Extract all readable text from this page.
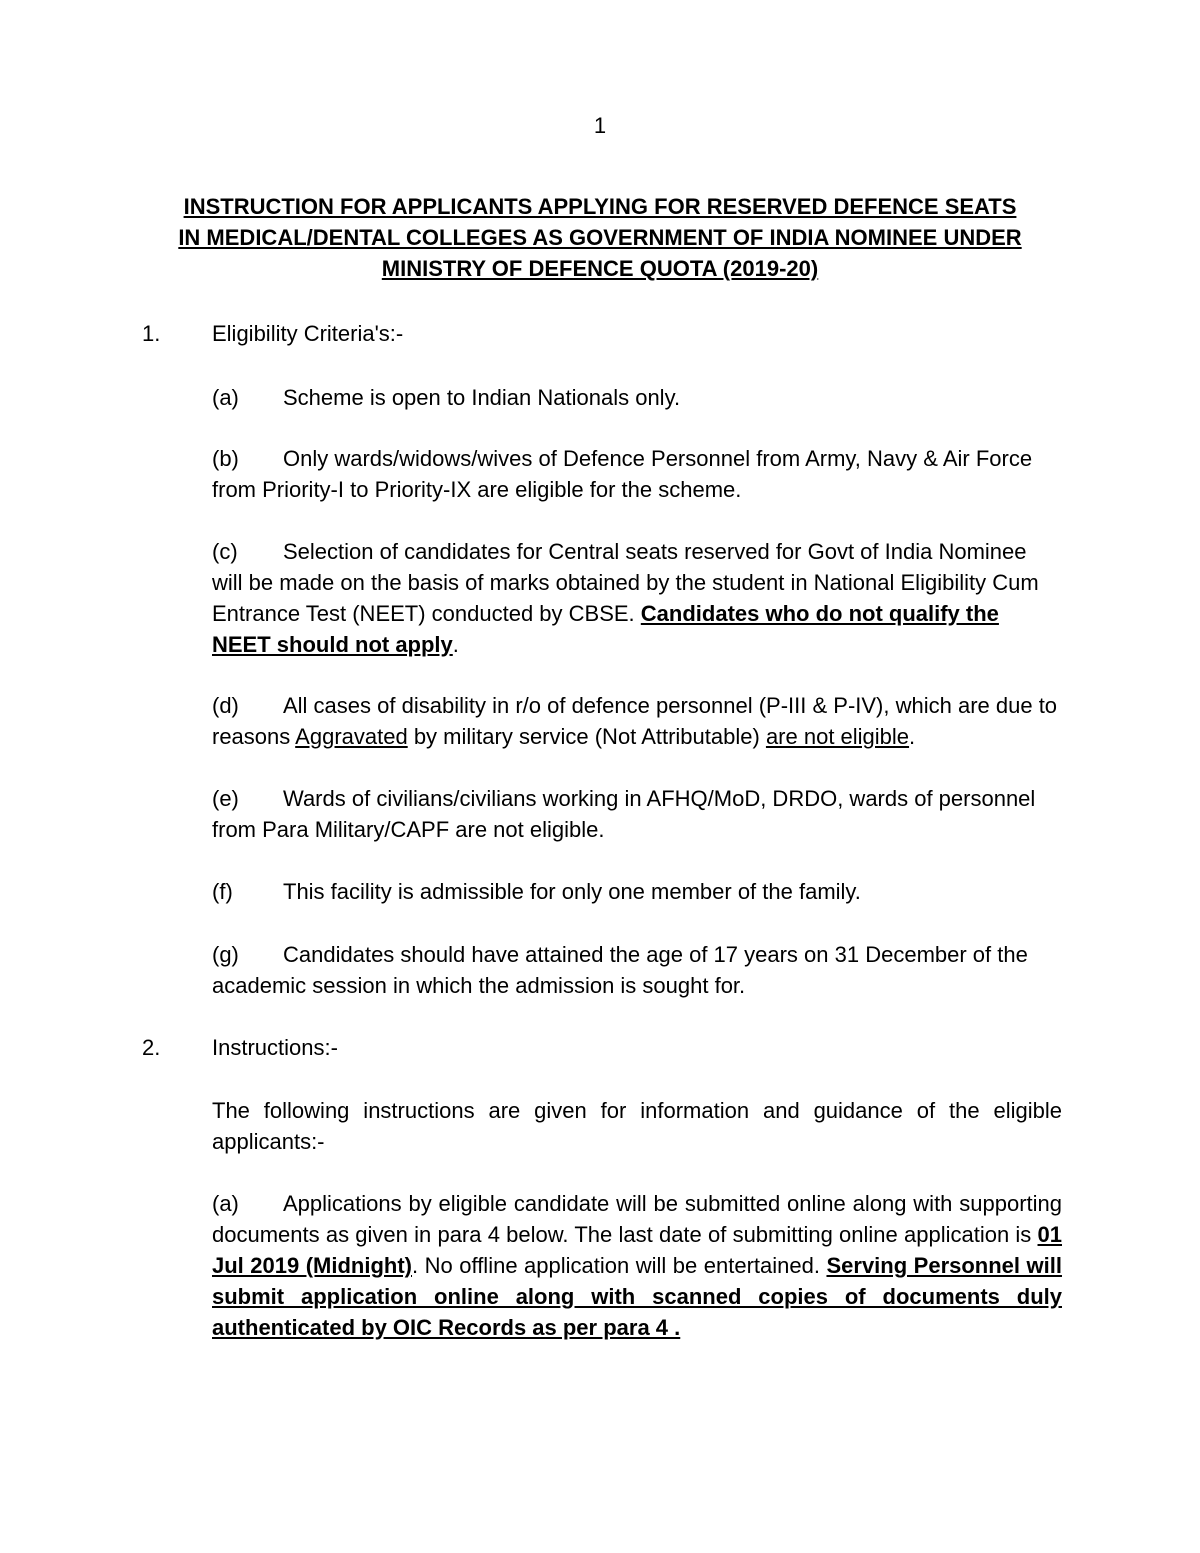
1
INSTRUCTION FOR APPLICANTS APPLYING FOR RESERVED DEFENCE SEATS
IN MEDICAL/DENTAL COLLEGES AS GOVERNMENT OF INDIA NOMINEE UNDER
MINISTRY OF DEFENCE QUOTA (2019-20)
1. Eligibility Criteria's:-
(a) Scheme is open to Indian Nationals only.
(b) Only wards/widows/wives of Defence Personnel from Army, Navy & Air Force from Priority-I to Priority-IX are eligible for the scheme.
(c) Selection of candidates for Central seats reserved for Govt of India Nominee will be made on the basis of marks obtained by the student in National Eligibility Cum Entrance Test (NEET) conducted by CBSE. Candidates who do not qualify the NEET should not apply.
(d) All cases of disability in r/o of defence personnel (P-III & P-IV), which are due to reasons Aggravated by military service (Not Attributable) are not eligible.
(e) Wards of civilians/civilians working in AFHQ/MoD, DRDO, wards of personnel from Para Military/CAPF are not eligible.
(f) This facility is admissible for only one member of the family.
(g) Candidates should have attained the age of 17 years on 31 December of the academic session in which the admission is sought for.
2. Instructions:-
The following instructions are given for information and guidance of the eligible applicants:-
(a) Applications by eligible candidate will be submitted online along with supporting documents as given in para 4 below. The last date of submitting online application is 01 Jul 2019 (Midnight). No offline application will be entertained. Serving Personnel will submit application online along with scanned copies of documents duly authenticated by OIC Records as per para 4 .
